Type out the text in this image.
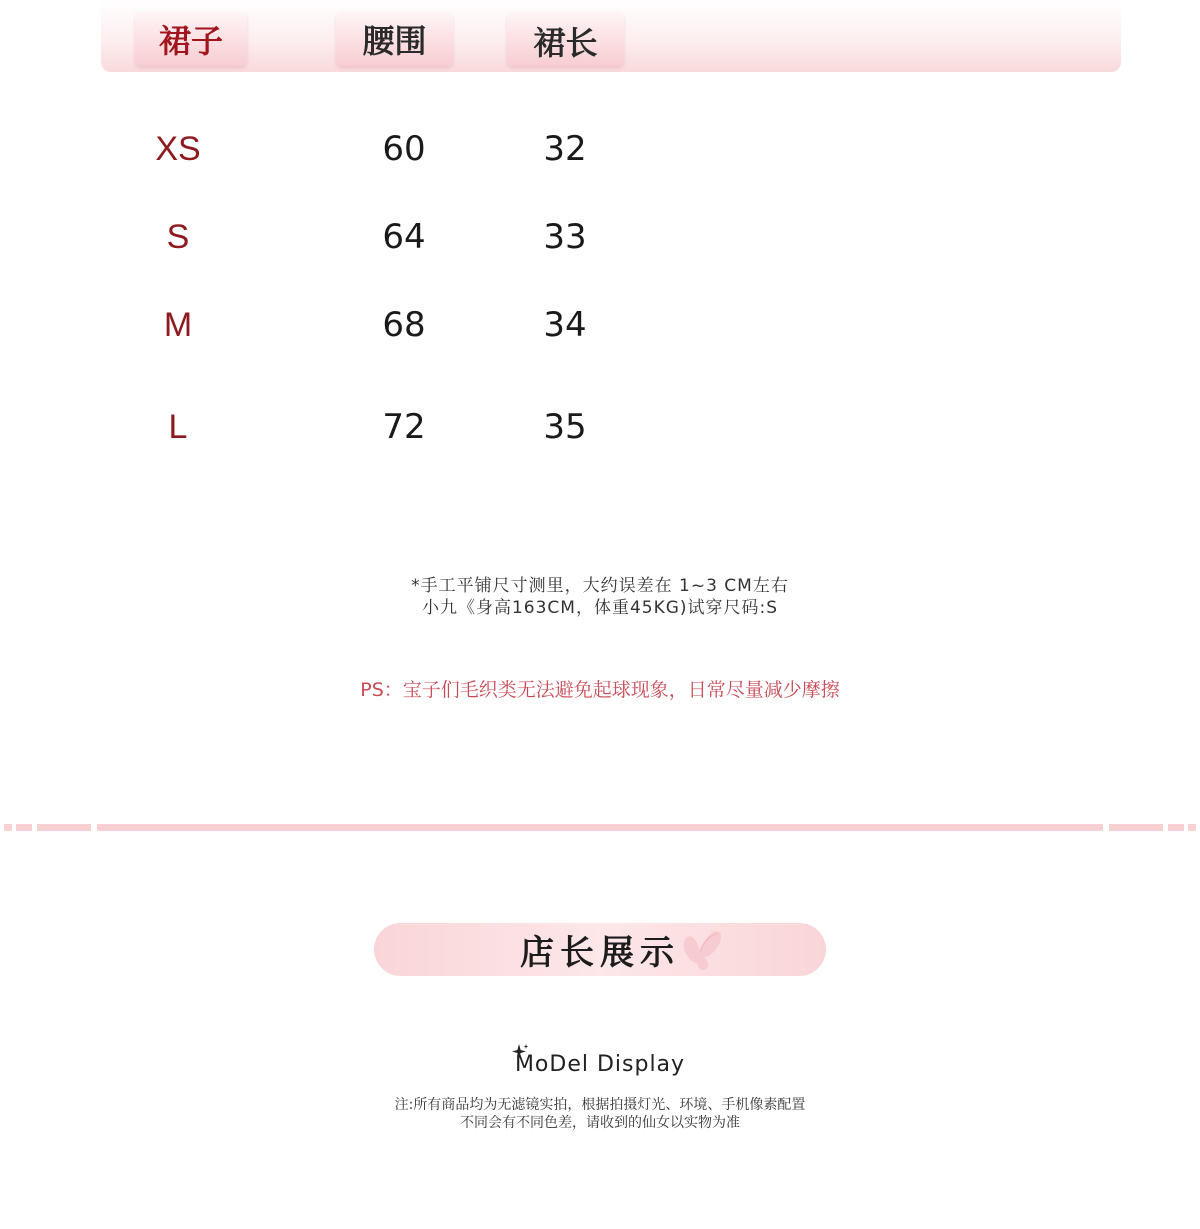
裙子	腰围	裙长
XS	60	32
S	64	33
M	68	34
L	72	35
*手工平铺尺寸测里，大约误差在 1~3 CM左右
小九《身高163CM，体重45KG)试穿尺码:S
PS：宝子们毛织类无法避免起球现象，日常尽量减少摩擦
店长展示
MoDel Display
注:所有商品均为无滤镜实拍，根据拍摄灯光、环境、手机像素配置
不同会有不同色差，请收到的仙女以实物为准
